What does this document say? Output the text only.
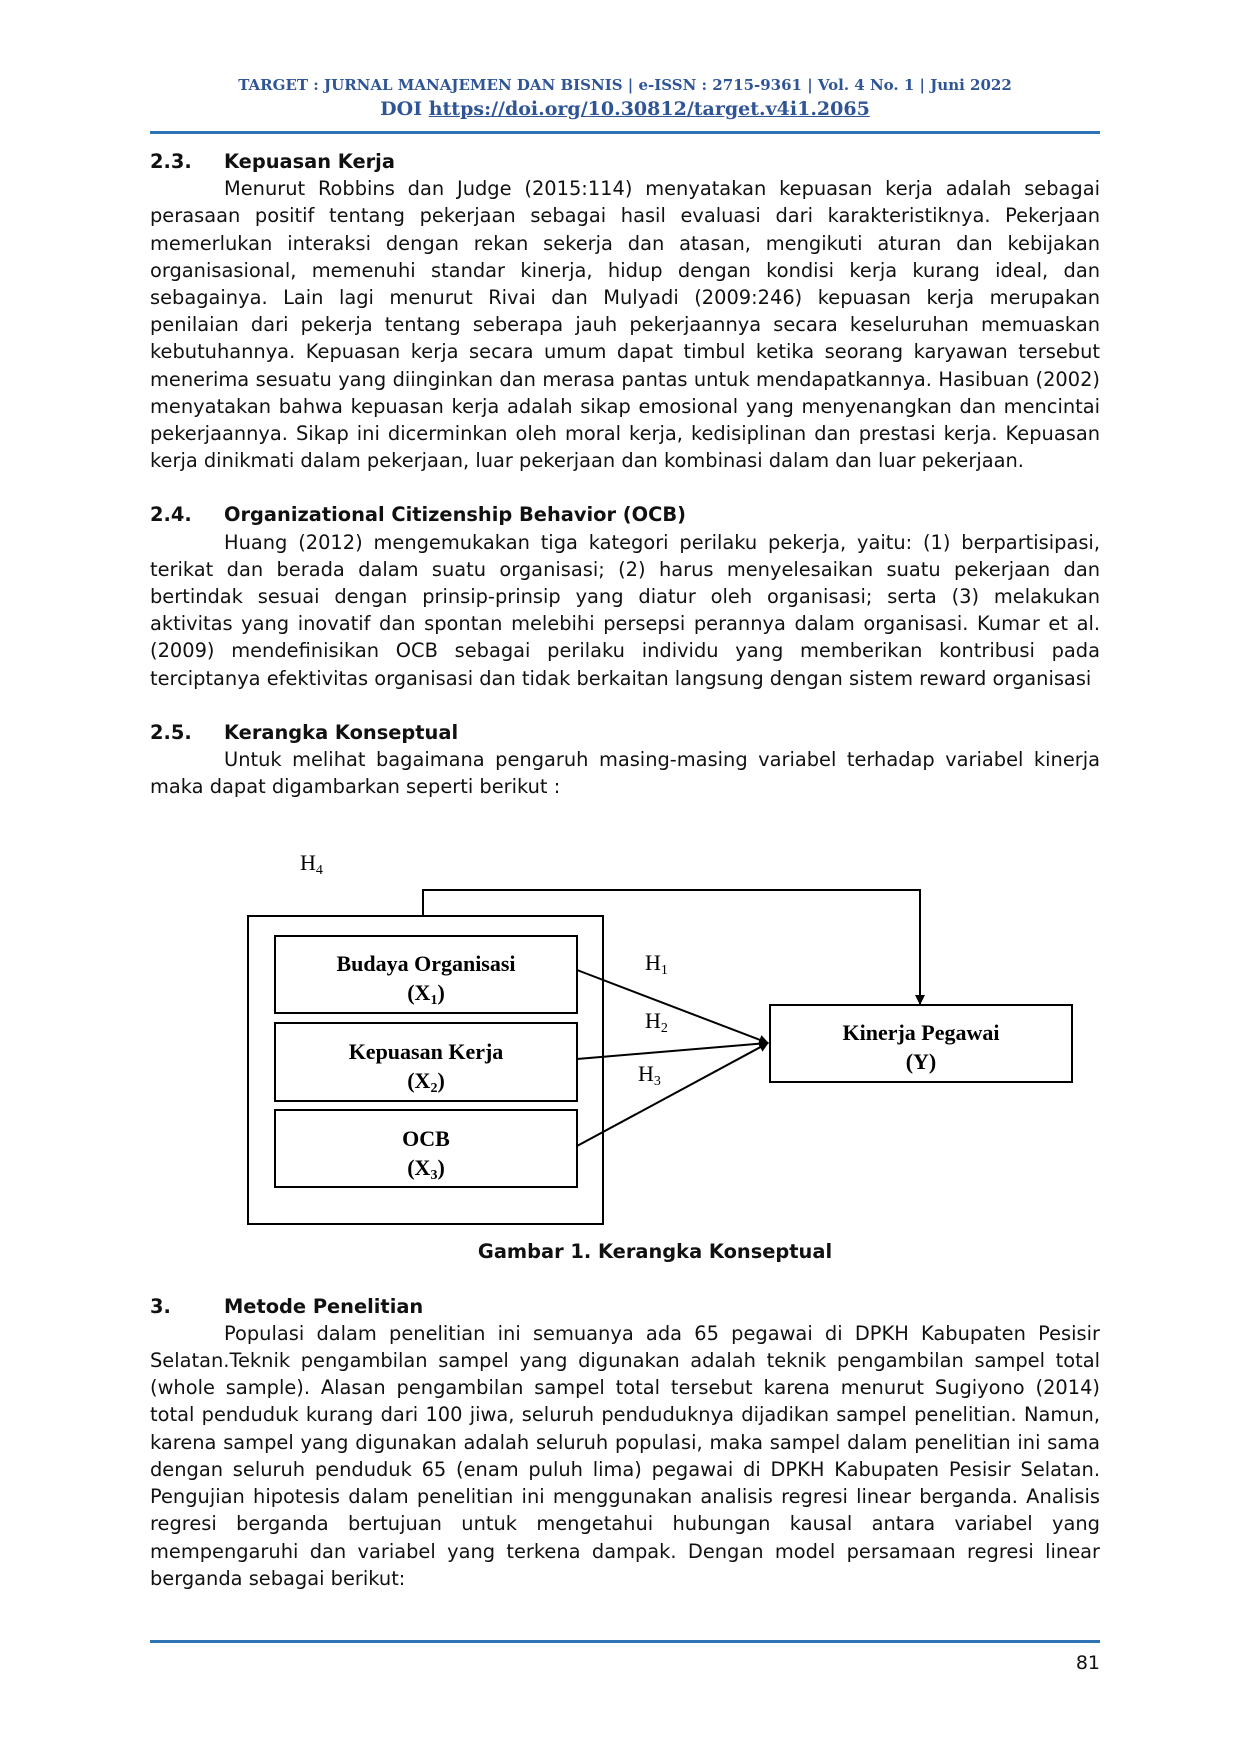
TARGET : JURNAL MANAJEMEN DAN BISNIS | e-ISSN : 2715-9361 | Vol. 4 No. 1 | Juni 2022
DOI https://doi.org/10.30812/target.v4i1.2065

2.3. Kepuasan Kerja

Menurut Robbins dan Judge (2015:114) menyatakan kepuasan kerja adalah sebagai perasaan positif tentang pekerjaan sebagai hasil evaluasi dari karakteristiknya. Pekerjaan memerlukan interaksi dengan rekan sekerja dan atasan, mengikuti aturan dan kebijakan organisasional, memenuhi standar kinerja, hidup dengan kondisi kerja kurang ideal, dan sebagainya. Lain lagi menurut Rivai dan Mulyadi (2009:246) kepuasan kerja merupakan penilaian dari pekerja tentang seberapa jauh pekerjaannya secara keseluruhan memuaskan kebutuhannya. Kepuasan kerja secara umum dapat timbul ketika seorang karyawan tersebut menerima sesuatu yang diinginkan dan merasa pantas untuk mendapatkannya. Hasibuan (2002) menyatakan bahwa kepuasan kerja adalah sikap emosional yang menyenangkan dan mencintai pekerjaannya. Sikap ini dicerminkan oleh moral kerja, kedisiplinan dan prestasi kerja. Kepuasan kerja dinikmati dalam pekerjaan, luar pekerjaan dan kombinasi dalam dan luar pekerjaan.

2.4. Organizational Citizenship Behavior (OCB)

Huang (2012) mengemukakan tiga kategori perilaku pekerja, yaitu: (1) berpartisipasi, terikat dan berada dalam suatu organisasi; (2) harus menyelesaikan suatu pekerjaan dan bertindak sesuai dengan prinsip-prinsip yang diatur oleh organisasi; serta (3) melakukan aktivitas yang inovatif dan spontan melebihi persepsi perannya dalam organisasi. Kumar et al. (2009) mendefinisikan OCB sebagai perilaku individu yang memberikan kontribusi pada terciptanya efektivitas organisasi dan tidak berkaitan langsung dengan sistem reward organisasi

2.5. Kerangka Konseptual

Untuk melihat bagaimana pengaruh masing-masing variabel terhadap variabel kinerja maka dapat digambarkan seperti berikut :

H4
Budaya Organisasi
(X1)
Kepuasan Kerja
(X2)
OCB
(X3)
Kinerja Pegawai
(Y)
H1
H2
H3

Gambar 1. Kerangka Konseptual

3.	Metode Penelitian

Populasi dalam penelitian ini semuanya ada 65 pegawai di DPKH Kabupaten Pesisir Selatan.Teknik pengambilan sampel yang digunakan adalah teknik pengambilan sampel total (whole sample). Alasan pengambilan sampel total tersebut karena menurut Sugiyono (2014) total penduduk kurang dari 100 jiwa, seluruh penduduknya dijadikan sampel penelitian. Namun, karena sampel yang digunakan adalah seluruh populasi, maka sampel dalam penelitian ini sama dengan seluruh penduduk 65 (enam puluh lima) pegawai di DPKH Kabupaten Pesisir Selatan. Pengujian hipotesis dalam penelitian ini menggunakan analisis regresi linear berganda. Analisis regresi berganda bertujuan untuk mengetahui hubungan kausal antara variabel yang mempengaruhi dan variabel yang terkena dampak. Dengan model persamaan regresi linear berganda sebagai berikut:

81
